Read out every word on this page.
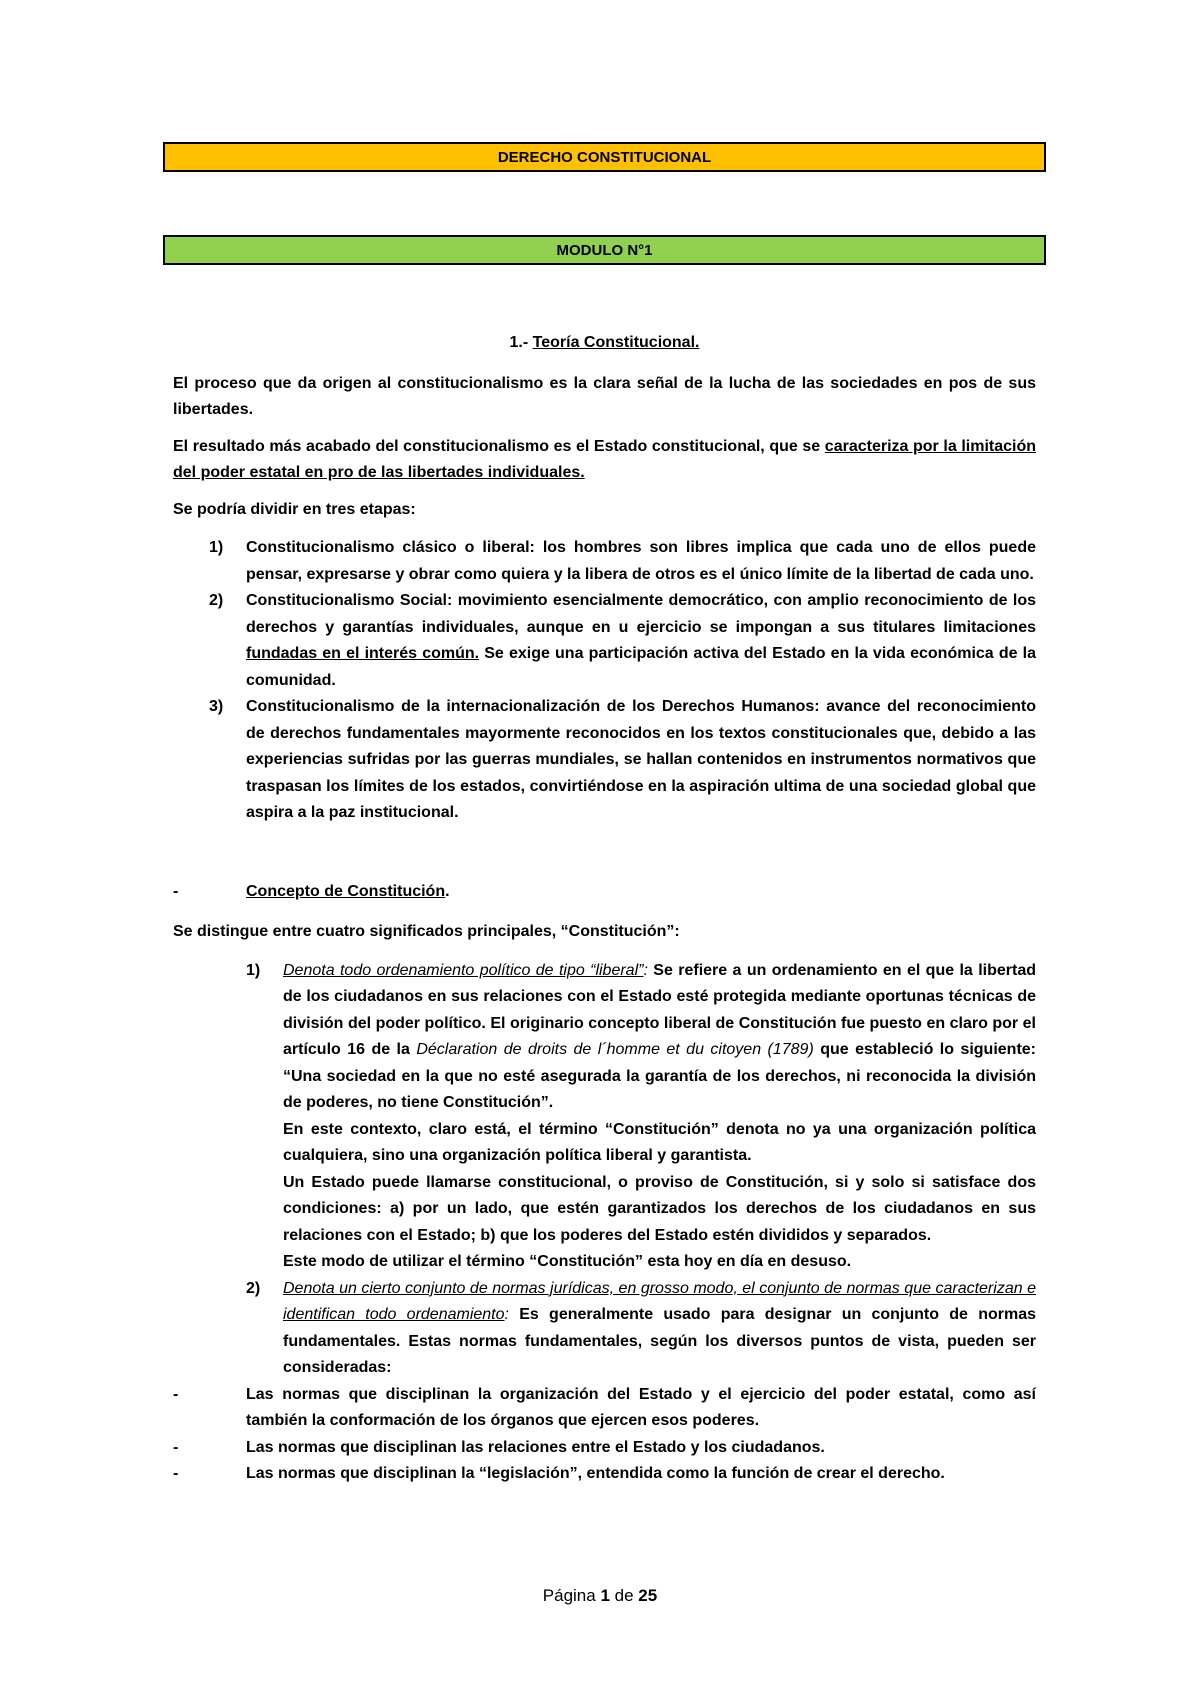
DERECHO CONSTITUCIONAL
MODULO N°1
1.- Teoría Constitucional.

El proceso que da origen al constitucionalismo es la clara señal de la lucha de las sociedades en pos de sus libertades.

El resultado más acabado del constitucionalismo es el Estado constitucional, que se caracteriza por la limitación del poder estatal en pro de las libertades individuales.

Se podría dividir en tres etapas:

1) Constitucionalismo clásico o liberal: los hombres son libres implica que cada uno de ellos puede pensar, expresarse y obrar como quiera y la libera de otros es el único límite de la libertad de cada uno.
2) Constitucionalismo Social: movimiento esencialmente democrático, con amplio reconocimiento de los derechos y garantías individuales, aunque en u ejercicio se impongan a sus titulares limitaciones fundadas en el interés común. Se exige una participación activa del Estado en la vida económica de la comunidad.
3) Constitucionalismo de la internacionalización de los Derechos Humanos: avance del reconocimiento de derechos fundamentales mayormente reconocidos en los textos constitucionales que, debido a las experiencias sufridas por las guerras mundiales, se hallan contenidos en instrumentos normativos que traspasan los límites de los estados, convirtiéndose en la aspiración ultima de una sociedad global que aspira a la paz institucional.
-	Concepto de Constitución.

Se distingue entre cuatro significados principales, “Constitución”:

1) Denota todo ordenamiento político de tipo “liberal”: Se refiere a un ordenamiento en el que la libertad de los ciudadanos en sus relaciones con el Estado esté protegida mediante oportunas técnicas de división del poder político. El originario concepto liberal de Constitución fue puesto en claro por el artículo 16 de la Déclaration de droits de l´homme et du citoyen (1789) que estableció lo siguiente: “Una sociedad en la que no esté asegurada la garantía de los derechos, ni reconocida la división de poderes, no tiene Constitución”.
En este contexto, claro está, el término “Constitución” denota no ya una organización política cualquiera, sino una organización política liberal y garantista.
Un Estado puede llamarse constitucional, o proviso de Constitución, si y solo si satisface dos condiciones: a) por un lado, que estén garantizados los derechos de los ciudadanos en sus relaciones con el Estado; b) que los poderes del Estado estén divididos y separados.
Este modo de utilizar el término “Constitución” esta hoy en día en desuso.
2) Denota un cierto conjunto de normas jurídicas, en grosso modo, el conjunto de normas que caracterizan e identifican todo ordenamiento: Es generalmente usado para designar un conjunto de normas fundamentales. Estas normas fundamentales, según los diversos puntos de vista, pueden ser consideradas:
-	Las normas que disciplinan la organización del Estado y el ejercicio del poder estatal, como así también la conformación de los órganos que ejercen esos poderes.
-	Las normas que disciplinan las relaciones entre el Estado y los ciudadanos.
-	Las normas que disciplinan la “legislación”, entendida como la función de crear el derecho.
Página 1 de 25
